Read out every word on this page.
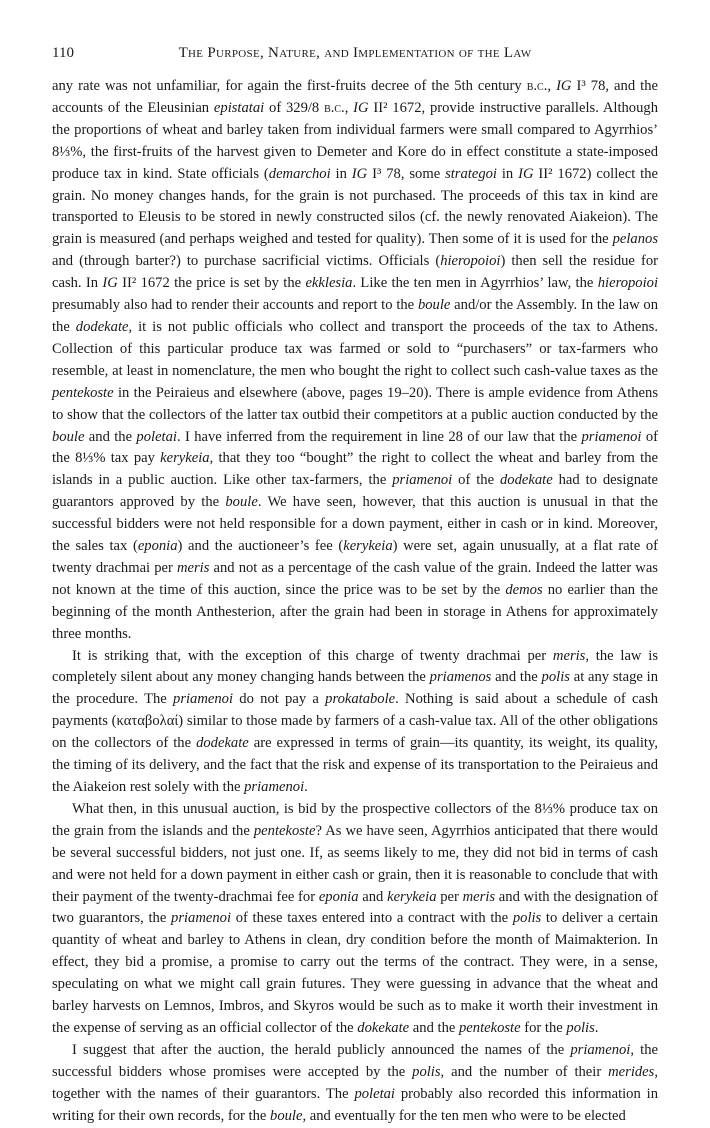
110	The Purpose, Nature, and Implementation of the Law

any rate was not unfamiliar, for again the first-fruits decree of the 5th century b.c., IG I³ 78, and the accounts of the Eleusinian epistatai of 329/8 b.c., IG II² 1672, provide instructive parallels. Although the proportions of wheat and barley taken from individual farmers were small compared to Agyrrhios’ 8⅓%, the first-fruits of the harvest given to Demeter and Kore do in effect constitute a state-imposed produce tax in kind. State officials (demarchoi in IG I³ 78, some strategoi in IG II² 1672) collect the grain. No money changes hands, for the grain is not purchased. The proceeds of this tax in kind are transported to Eleusis to be stored in newly constructed silos (cf. the newly renovated Aiakeion). The grain is measured (and perhaps weighed and tested for quality). Then some of it is used for the pelanos and (through barter?) to purchase sacrificial victims. Officials (hieropoioi) then sell the residue for cash. In IG II² 1672 the price is set by the ekklesia. Like the ten men in Agyrrhios’ law, the hieropoioi presumably also had to render their accounts and report to the boule and/or the Assembly. In the law on the dodekate, it is not public officials who collect and transport the proceeds of the tax to Athens. Collection of this particular produce tax was farmed or sold to “purchasers” or tax-farmers who resemble, at least in nomenclature, the men who bought the right to collect such cash-value taxes as the pentekoste in the Peiraieus and elsewhere (above, pages 19–20). There is ample evidence from Athens to show that the collectors of the latter tax outbid their competitors at a public auction conducted by the boule and the poletai. I have inferred from the requirement in line 28 of our law that the priamenoi of the 8⅓% tax pay kerykeia, that they too “bought” the right to collect the wheat and barley from the islands in a public auction. Like other tax-farmers, the priamenoi of the dodekate had to designate guarantors approved by the boule. We have seen, however, that this auction is unusual in that the successful bidders were not held responsible for a down payment, either in cash or in kind. Moreover, the sales tax (eponia) and the auctioneer’s fee (kerykeia) were set, again unusually, at a flat rate of twenty drachmai per meris and not as a percentage of the cash value of the grain. Indeed the latter was not known at the time of this auction, since the price was to be set by the demos no earlier than the beginning of the month Anthesterion, after the grain had been in storage in Athens for approximately three months.

It is striking that, with the exception of this charge of twenty drachmai per meris, the law is completely silent about any money changing hands between the priamenos and the polis at any stage in the procedure. The priamenoi do not pay a prokatabole. Nothing is said about a schedule of cash payments (καταβολαί) similar to those made by farmers of a cash-value tax. All of the other obligations on the collectors of the dodekate are expressed in terms of grain—its quantity, its weight, its quality, the timing of its delivery, and the fact that the risk and expense of its transportation to the Peiraieus and the Aiakeion rest solely with the priamenoi.

What then, in this unusual auction, is bid by the prospective collectors of the 8⅓% produce tax on the grain from the islands and the pentekoste? As we have seen, Agyrrhios anticipated that there would be several successful bidders, not just one. If, as seems likely to me, they did not bid in terms of cash and were not held for a down payment in either cash or grain, then it is reasonable to conclude that with their payment of the twenty-drachmai fee for eponia and kerykeia per meris and with the designation of two guarantors, the priamenoi of these taxes entered into a contract with the polis to deliver a certain quantity of wheat and barley to Athens in clean, dry condition before the month of Maimakterion. In effect, they bid a promise, a promise to carry out the terms of the contract. They were, in a sense, speculating on what we might call grain futures. They were guessing in advance that the wheat and barley harvests on Lemnos, Imbros, and Skyros would be such as to make it worth their investment in the expense of serving as an official collector of the dokekate and the pentekoste for the polis.

I suggest that after the auction, the herald publicly announced the names of the priamenoi, the successful bidders whose promises were accepted by the polis, and the number of their merides, together with the names of their guarantors. The poletai probably also recorded this information in writing for their own records, for the boule, and eventually for the ten men who were to be elected
